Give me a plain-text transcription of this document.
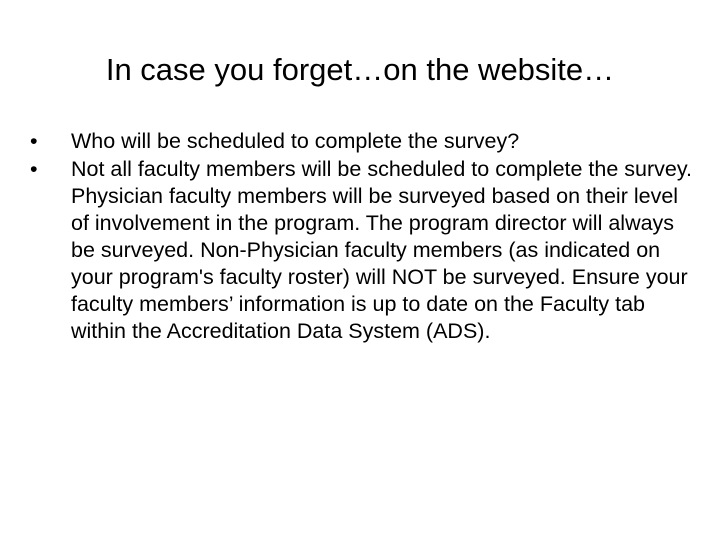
In case you forget…on the website…
•	Who will be scheduled to complete the survey?
•	Not all faculty members will be scheduled to complete the survey. Physician faculty members will be surveyed based on their level of involvement in the program. The program director will always be surveyed. Non-Physician faculty members (as indicated on your program's faculty roster) will NOT be surveyed. Ensure your faculty members’ information is up to date on the Faculty tab within the Accreditation Data System (ADS).
